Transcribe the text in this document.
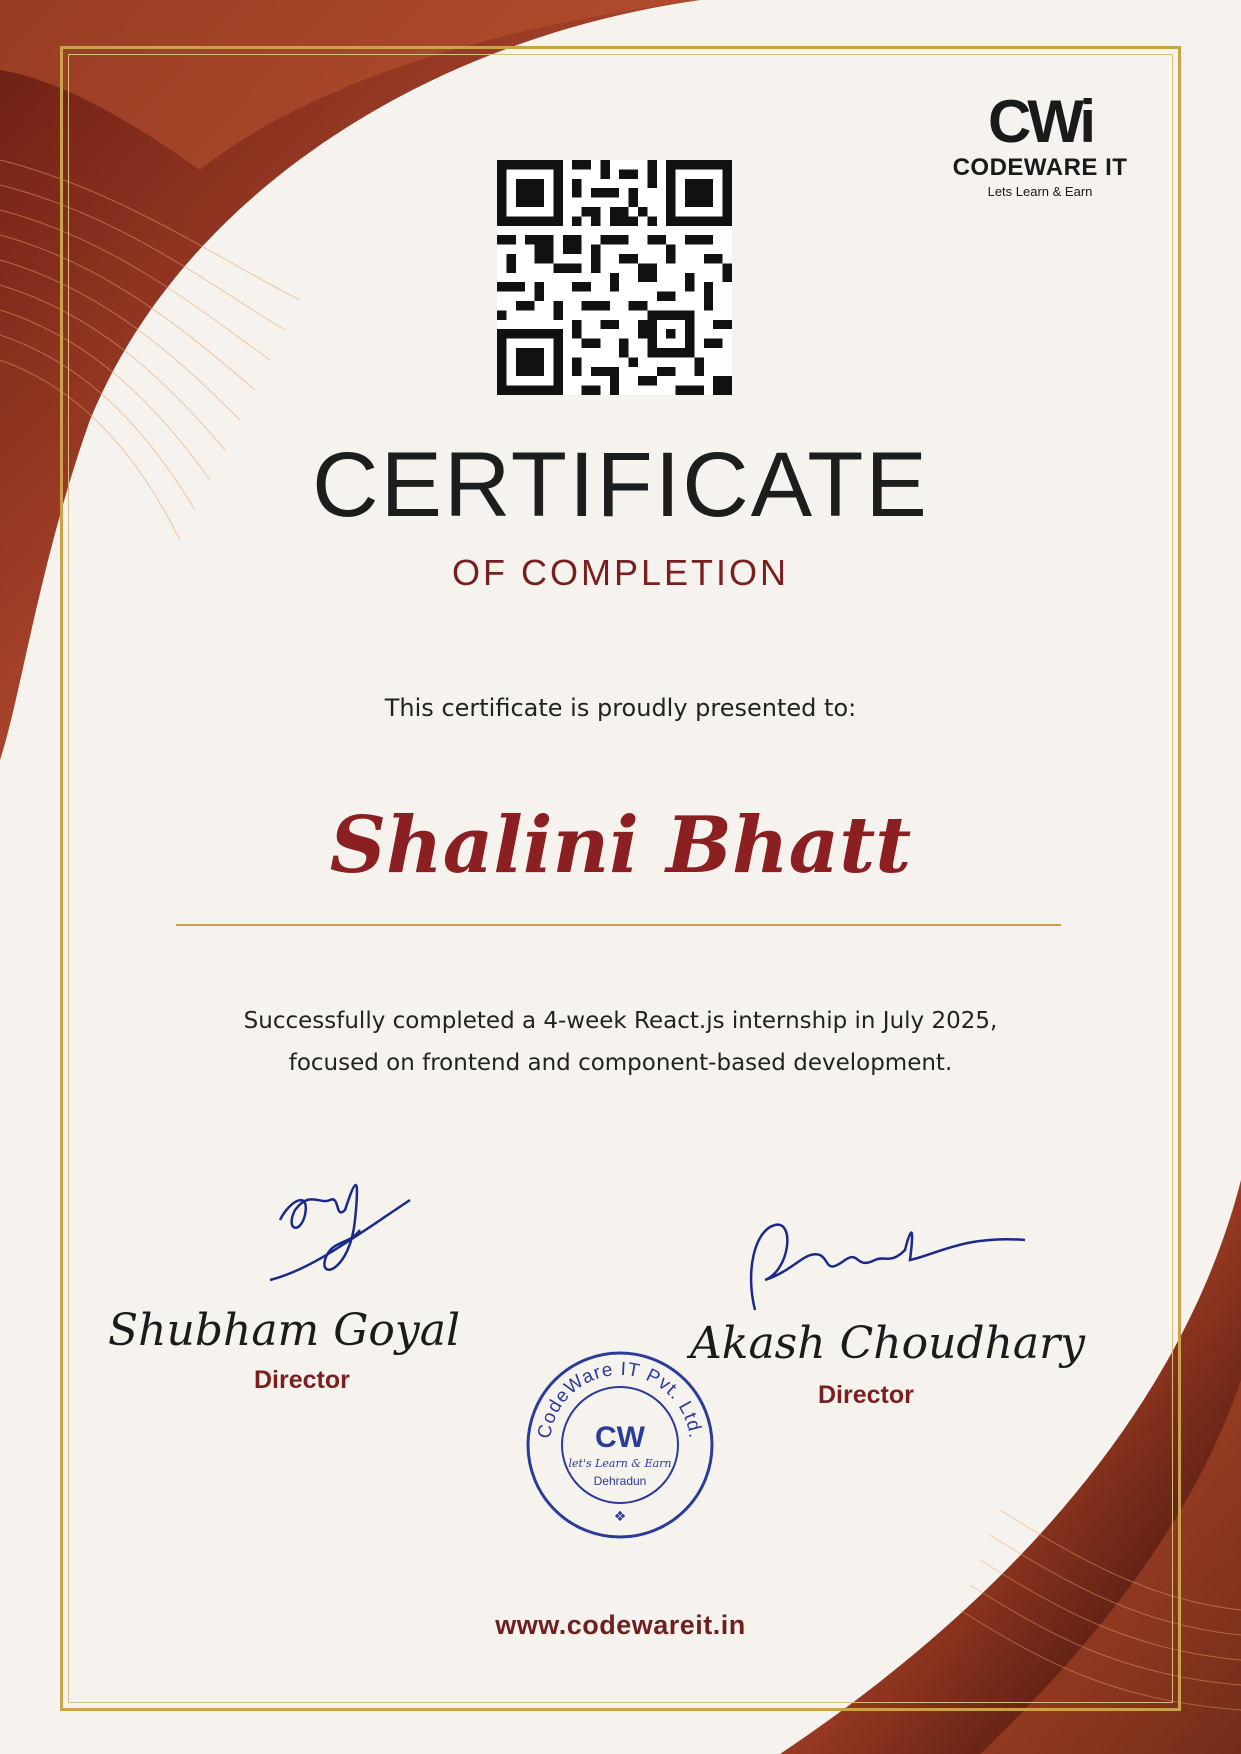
CWi
CODEWARE IT
Lets Learn & Earn
CERTIFICATE
OF COMPLETION
This certificate is proudly presented to:
Shalini Bhatt
Successfully completed a 4-week React.js internship in July 2025,
focused on frontend and component-based development.
Shubham Goyal
Director
Akash Choudhary
Director
CodeWare IT Pvt. Ltd.
CW
let's Learn & Earn
Dehradun
❖
www.codewareit.in
